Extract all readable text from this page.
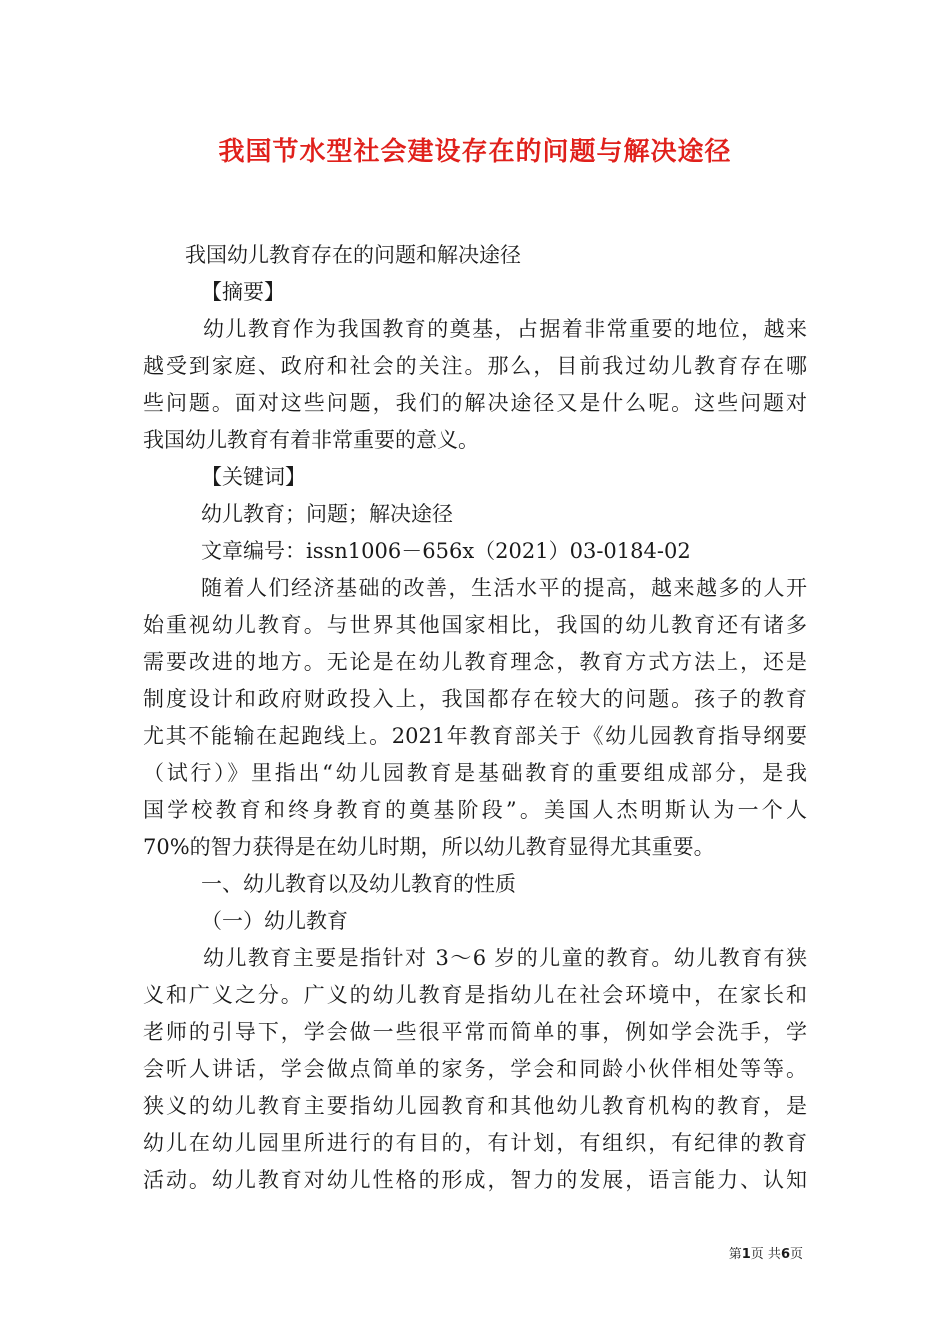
我国节水型社会建设存在的问题与解决途径
我国幼儿教育存在的问题和解决途径
【摘要】
幼儿教育作为我国教育的奠基，占据着非常重要的地位，越来
越受到家庭、政府和社会的关注。那么，目前我过幼儿教育存在哪
些问题。面对这些问题，我们的解决途径又是什么呢。这些问题对
我国幼儿教育有着非常重要的意义。
【关键词】
幼儿教育；问题；解决途径
文章编号：issn1006－656x（2021）03-0184-02
随着人们经济基础的改善，生活水平的提高，越来越多的人开
始重视幼儿教育。与世界其他国家相比，我国的幼儿教育还有诸多
需要改进的地方。无论是在幼儿教育理念，教育方式方法上，还是
制度设计和政府财政投入上，我国都存在较大的问题。孩子的教育
尤其不能输在起跑线上。2021年教育部关于《幼儿园教育指导纲要
（试行）》里指出“幼儿园教育是基础教育的重要组成部分，是我
国学校教育和终身教育的奠基阶段”。美国人杰明斯认为一个人
70%的智力获得是在幼儿时期，所以幼儿教育显得尤其重要。
一、幼儿教育以及幼儿教育的性质
（一）幼儿教育
幼儿教育主要是指针对 3～6 岁的儿童的教育。幼儿教育有狭
义和广义之分。广义的幼儿教育是指幼儿在社会环境中，在家长和
老师的引导下，学会做一些很平常而简单的事，例如学会洗手，学
会听人讲话，学会做点简单的家务，学会和同龄小伙伴相处等等。
狭义的幼儿教育主要指幼儿园教育和其他幼儿教育机构的教育，是
幼儿在幼儿园里所进行的有目的，有计划，有组织，有纪律的教育
活动。幼儿教育对幼儿性格的形成，智力的发展，语言能力、认知
第1页 共6页
